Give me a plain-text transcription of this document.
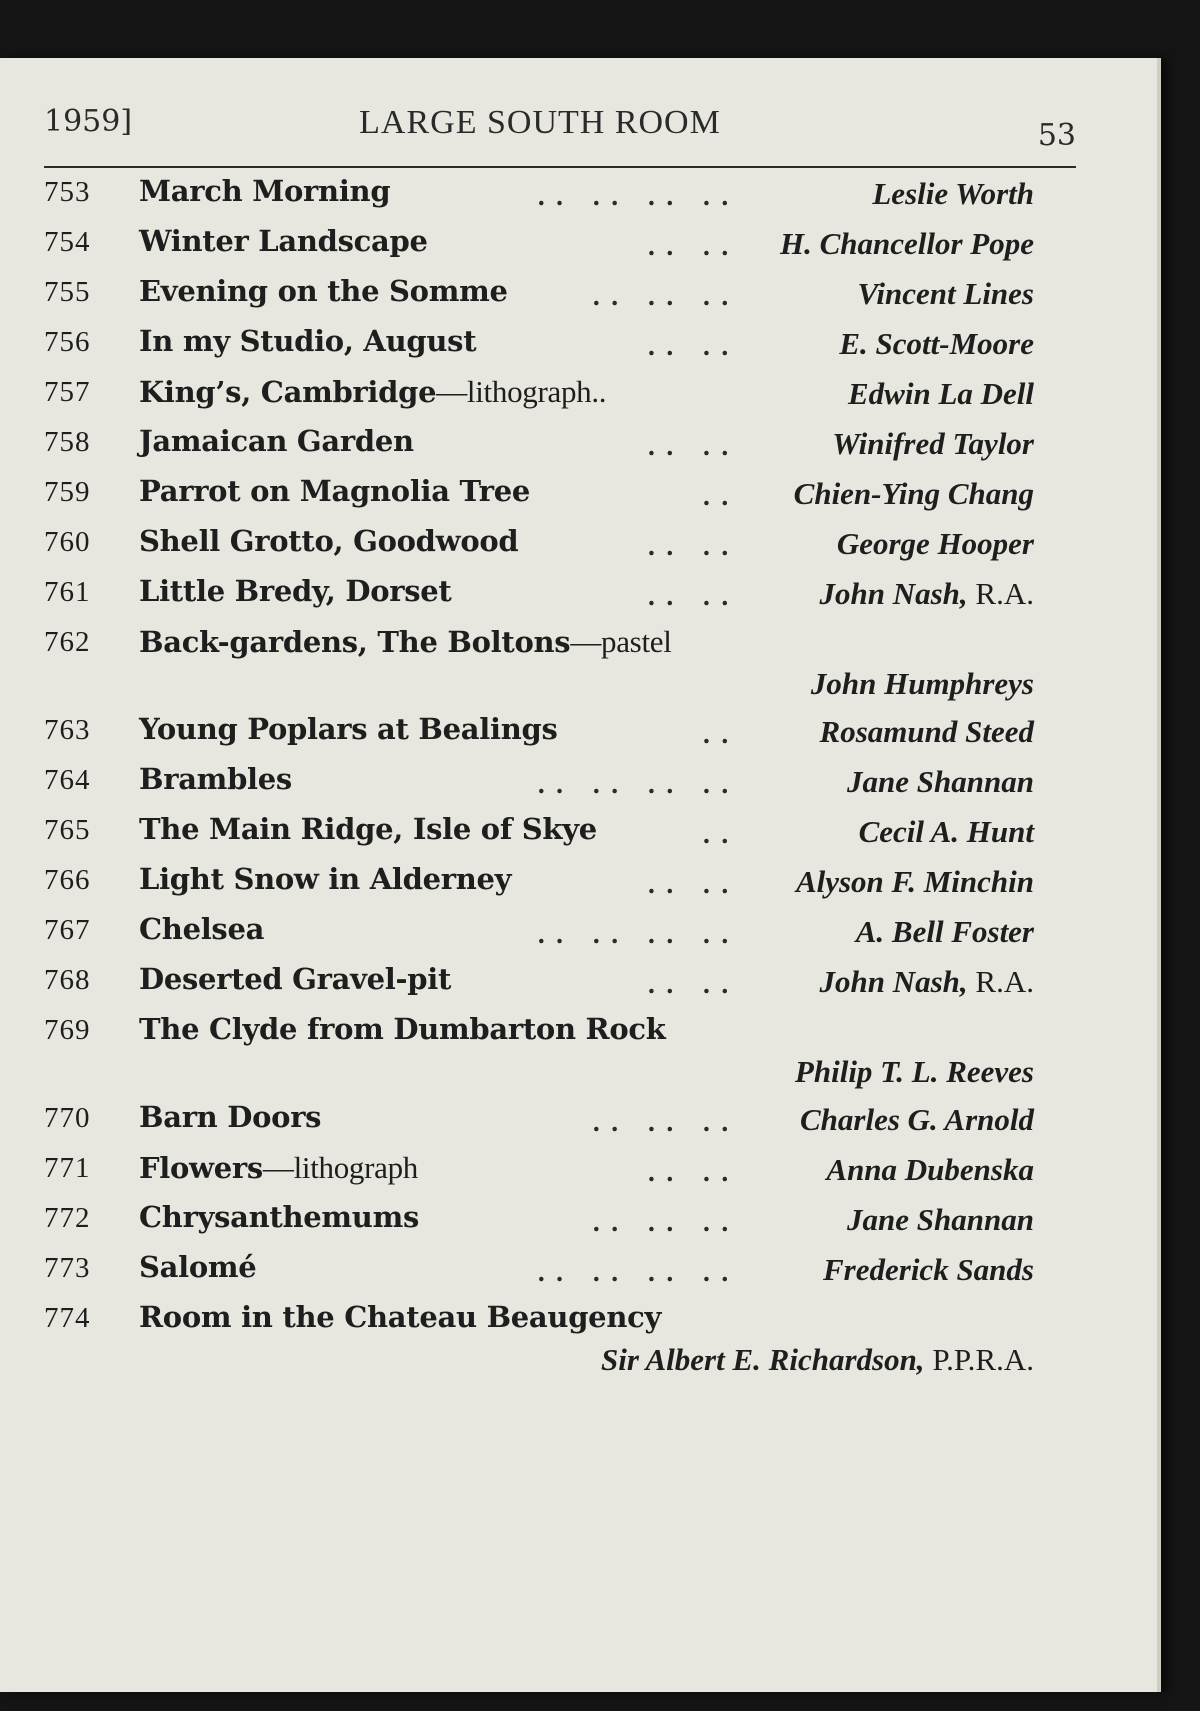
1959]	LARGE SOUTH ROOM	53
753 March Morning	.. .. .. ..	Leslie Worth
754 Winter Landscape	.. .. H. Chancellor Pope
755 Evening on the Somme	.. .. ..	Vincent Lines
756 In my Studio, August	.. ..	E. Scott-Moore
757 King’s, Cambridge—lithograph..	Edwin La Dell
758 Jamaican Garden	.. ..	Winifred Taylor
759 Parrot on Magnolia Tree	.. Chien-Ying Chang
760 Shell Grotto, Goodwood	.. ..	George Hooper
761 Little Bredy, Dorset	.. ..	John Nash, R.A.
762 Back-gardens, The Boltons—pastel
John Humphreys
763 Young Poplars at Bealings	..	Rosamund Steed
764 Brambles	.. .. .. ..	Jane Shannan
765 The Main Ridge, Isle of Skye	..	Cecil A. Hunt
766 Light Snow in Alderney	.. .. Alyson F. Minchin
767 Chelsea	.. .. .. ..	A. Bell Foster
768 Deserted Gravel-pit	.. ..	John Nash, R.A.
769 The Clyde from Dumbarton Rock
Philip T. L. Reeves
770 Barn Doors	.. .. .. Charles G. Arnold
771 Flowers—lithograph	.. ..	Anna Dubenska
772 Chrysanthemums	.. .. ..	Jane Shannan
773 Salomé	.. .. .. ..	Frederick Sands
774 Room in the Chateau Beaugency
Sir Albert E. Richardson, P.P.R.A.
